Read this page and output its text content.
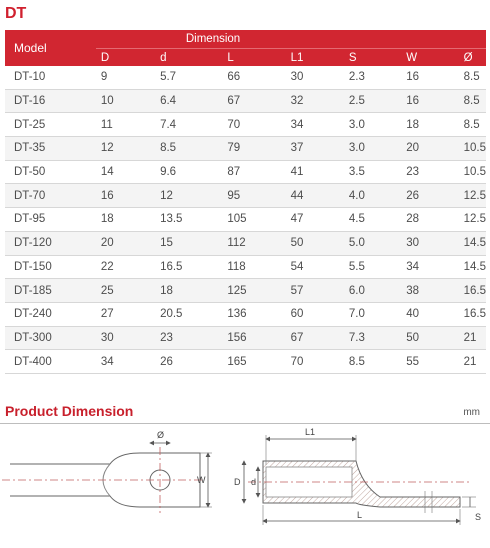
DT
Model	Dimension						
	D	d	L	L1	S	W	Ø
DT-10	9	5.7	66	30	2.3	16	8.5
DT-16	10	6.4	67	32	2.5	16	8.5
DT-25	11	7.4	70	34	3.0	18	8.5
DT-35	12	8.5	79	37	3.0	20	10.5
DT-50	14	9.6	87	41	3.5	23	10.5
DT-70	16	12	95	44	4.0	26	12.5
DT-95	18	13.5	105	47	4.5	28	12.5
DT-120	20	15	112	50	5.0	30	14.5
DT-150	22	16.5	118	54	5.5	34	14.5
DT-185	25	18	125	57	6.0	38	16.5
DT-240	27	20.5	136	60	7.0	40	16.5
DT-300	30	23	156	67	7.3	50	21
DT-400	34	26	165	70	8.5	55	21
Product Dimension	mm
Ø
W
L1
D d
L	S
